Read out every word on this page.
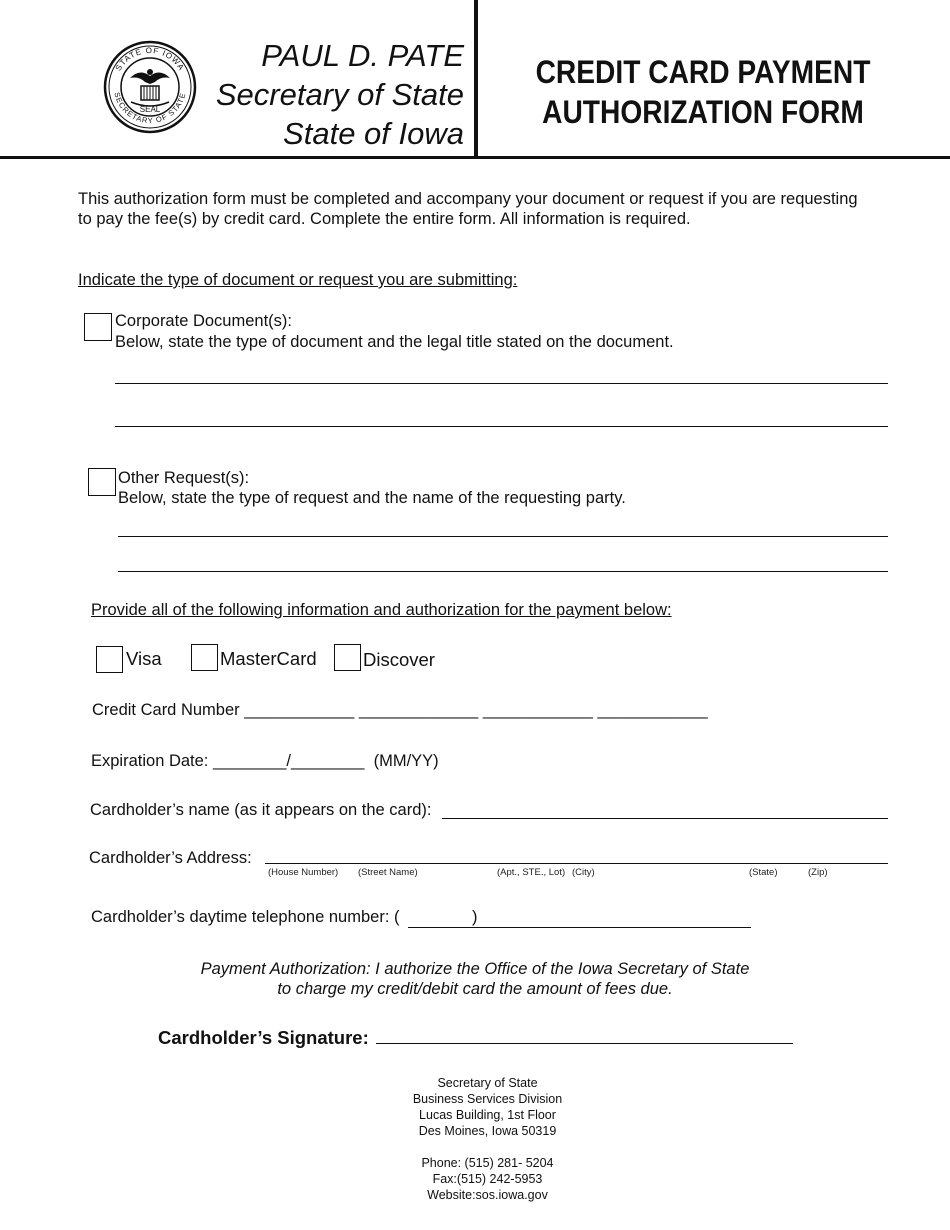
STATE OF IOWA
SECRETARY OF STATE
SEAL
PAUL D. PATE
Secretary of State
State of Iowa
CREDIT CARD PAYMENT
AUTHORIZATION FORM
This authorization form must be completed and accompany your document or request if you are requesting
to pay the fee(s) by credit card. Complete the entire form. All information is required.
Indicate the type of document or request you are submitting:
Corporate Document(s):
Below, state the type of document and the legal title stated on the document.
Other Request(s):
Below, state the type of request and the name of the requesting party.
Provide all of the following information and authorization for the payment below:
Visa	MasterCard	Discover
Credit Card Number ____________ _____________ ____________ ____________
Expiration Date: ________/________ (MM/YY)
Cardholder’s name (as it appears on the card):
Cardholder’s Address:
(House Number) (Street Name)	(Apt., STE., Lot) (City)	(State)	(Zip)
Cardholder’s daytime telephone number: (	)
Payment Authorization: I authorize the Office of the Iowa Secretary of State
to charge my credit/debit card the amount of fees due.
Cardholder’s Signature:
Secretary of State
Business Services Division
Lucas Building, 1st Floor
Des Moines, Iowa 50319
Phone: (515) 281- 5204
Fax:(515) 242-5953
Website:sos.iowa.gov
